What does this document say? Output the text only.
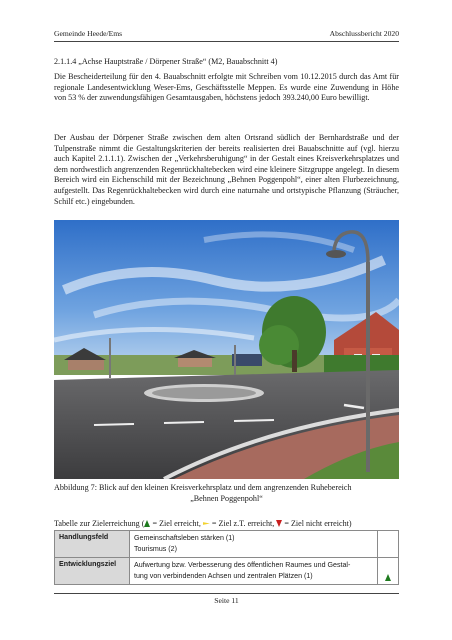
Gemeinde Heede/Ems	Abschlussbericht 2020
2.1.1.4 „Achse Hauptstraße / Dörpener Straße“ (M2, Bauabschnitt 4)
Die Bescheiderteilung für den 4. Bauabschnitt erfolgte mit Schreiben vom 10.12.2015 durch das Amt für regionale Landesentwicklung Weser-Ems, Geschäftsstelle Meppen. Es wurde eine Zuwendung in Höhe von 53 % der zuwendungsfähigen Gesamtausgaben, höchstens jedoch 393.240,00 Euro bewilligt.
Der Ausbau der Dörpener Straße zwischen dem alten Ortsrand südlich der Bernhardstraße und der Tulpenstraße nimmt die Gestaltungskriterien der bereits realisierten drei Bauabschnitte auf (vgl. hierzu auch Kapitel 2.1.1.1). Zwischen der „Verkehrsberuhigung“ in der Gestalt eines Kreisverkehrsplatzes und dem nordwestlich angrenzenden Regenrückhaltebecken wird eine kleinere Sitzgruppe angelegt. In diesem Bereich wird ein Eichenschild mit der Bezeichnung „Behnen Poggenpohl“, einer alten Flurbezeichnung, aufgestellt. Das Regenrückhaltebecken wird durch eine naturnahe und ortstypische Pflanzung (Sträucher, Schilf etc.) eingebunden.
Abbildung 7: Blick auf den kleinen Kreisverkehrsplatz und dem angrenzenden Ruhebereich
„Behnen Poggenpohl“
Tabelle zur Zielerreichung ( = Ziel erreicht,  = Ziel z.T. erreicht,  = Ziel nicht erreicht)
Handlungsfeld	Gemeinschaftsleben stärken (1)
Tourismus (2)	

Entwicklungsziel	Aufwertung bzw. Verbesserung des öffentlichen Raumes und Gestal-
tung von verbindenden Achsen und zentralen Plätzen (1)	

Seite 11
